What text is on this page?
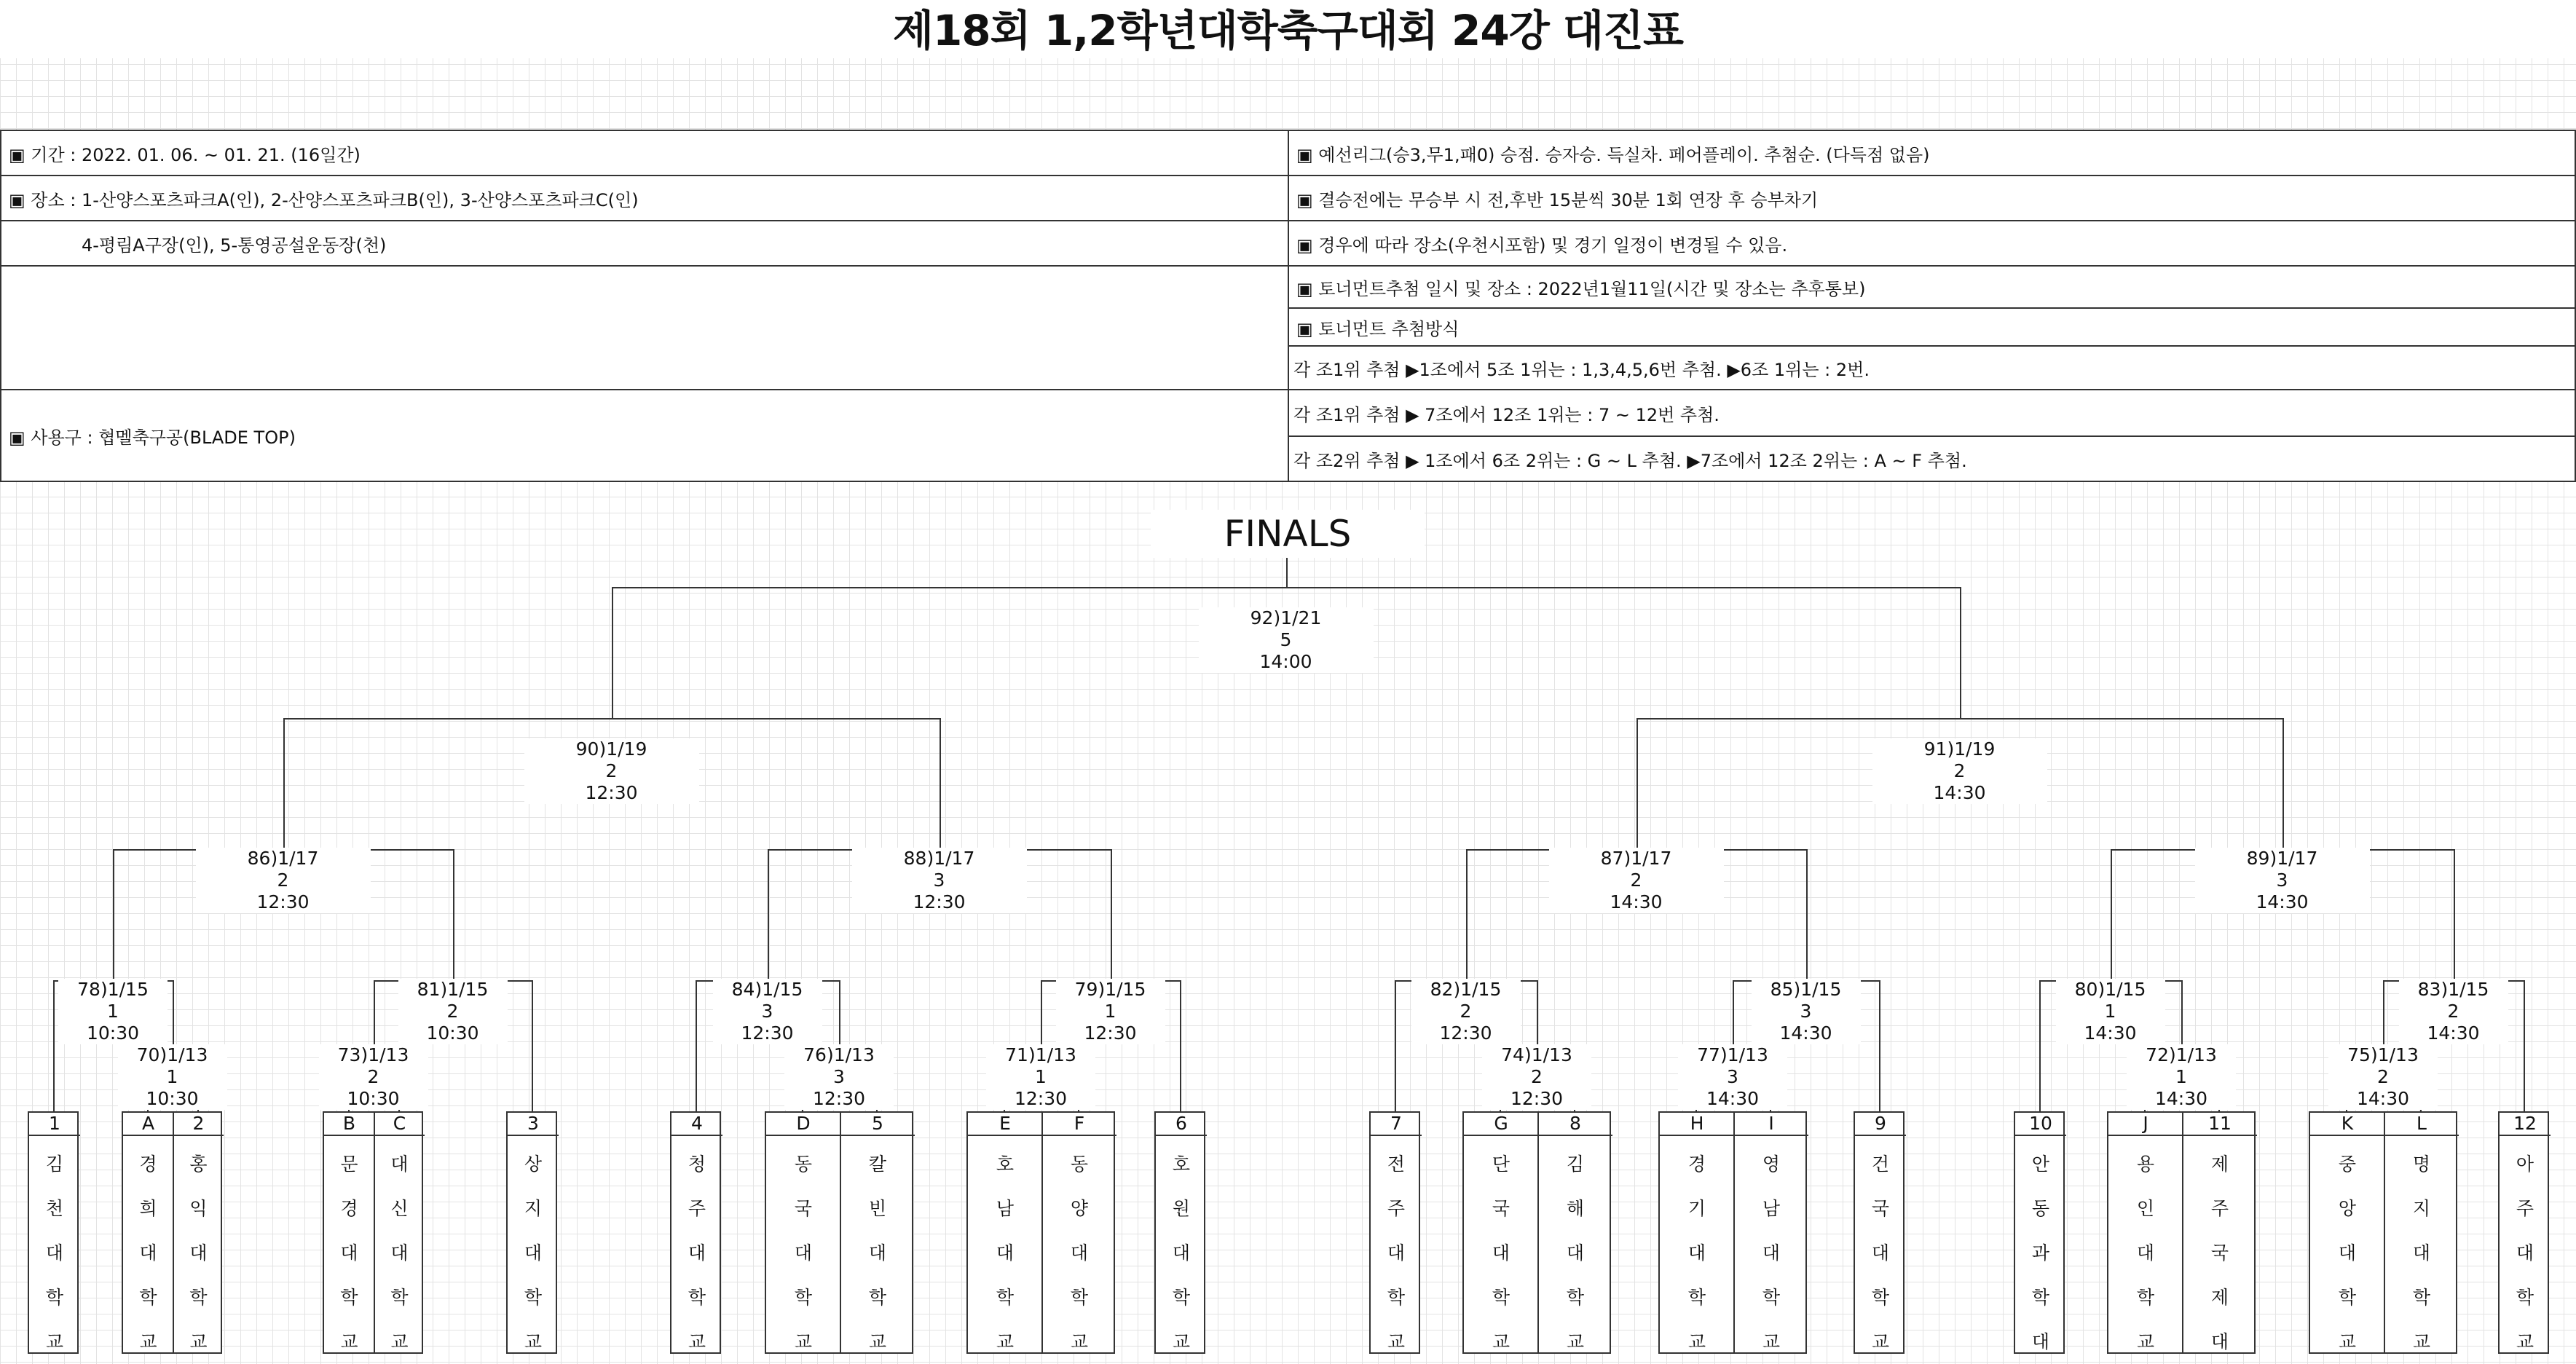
제18회 1,2학년대학축구대회 24강 대진표
▣ 기간 : 2022. 01. 06. ~ 01. 21. (16일간)
▣ 장소 : 1-산양스포츠파크A(인), 2-산양스포츠파크B(인), 3-산양스포츠파크C(인)
4-평림A구장(인), 5-통영공설운동장(천)
▣ 사용구 : 협멜축구공(BLADE TOP)
▣ 예선리그(승3,무1,패0) 승점. 승자승. 득실차. 페어플레이. 추첨순. (다득점 없음)
▣ 결승전에는 무승부 시 전,후반 15분씩 30분 1회 연장 후 승부차기
▣ 경우에 따라 장소(우천시포함) 및 경기 일정이 변경될 수 있음.
▣ 토너먼트추첨 일시 및 장소 : 2022년1월11일(시간 및 장소는 추후통보)
▣ 토너먼트 추첨방식
각 조1위 추첨 ▶1조에서 5조 1위는 : 1,3,4,5,6번 추첨. ▶6조 1위는 : 2번.
각 조1위 추첨 ▶ 7조에서 12조 1위는 : 7 ~ 12번 추첨.
각 조2위 추첨 ▶ 1조에서 6조 2위는 : G ~ L 추첨. ▶7조에서 12조 2위는 : A ~ F 추첨.
FINALS
1
김
천
대
학
교
A
경
희
대
학
교
2
홍
익
대
학
교
B
문
경
대
학
교
C
대
신
대
학
교
3
상
지
대
학
교
4
청
주
대
학
교
D
동
국
대
학
교
5
칼
빈
대
학
교
E
호
남
대
학
교
F
동
양
대
학
교
6
호
원
대
학
교
7
전
주
대
학
교
G
단
국
대
학
교
8
김
해
대
학
교
H
경
기
대
학
교
I
영
남
대
학
교
9
건
국
대
학
교
10
안
동
과
학
대
J
용
인
대
학
교
11
제
주
국
제
대
K
중
앙
대
학
교
L
명
지
대
학
교
12
아
주
대
학
교
92)1/21
5
14:00
90)1/19
2
12:30
91)1/19
2
14:30
86)1/17
2
12:30
88)1/17
3
12:30
87)1/17
2
14:30
89)1/17
3
14:30
78)1/15
1
10:30
81)1/15
2
10:30
84)1/15
3
12:30
79)1/15
1
12:30
82)1/15
2
12:30
85)1/15
3
14:30
80)1/15
1
14:30
83)1/15
2
14:30
70)1/13
1
10:30
73)1/13
2
10:30
76)1/13
3
12:30
71)1/13
1
12:30
74)1/13
2
12:30
77)1/13
3
14:30
72)1/13
1
14:30
75)1/13
2
14:30
